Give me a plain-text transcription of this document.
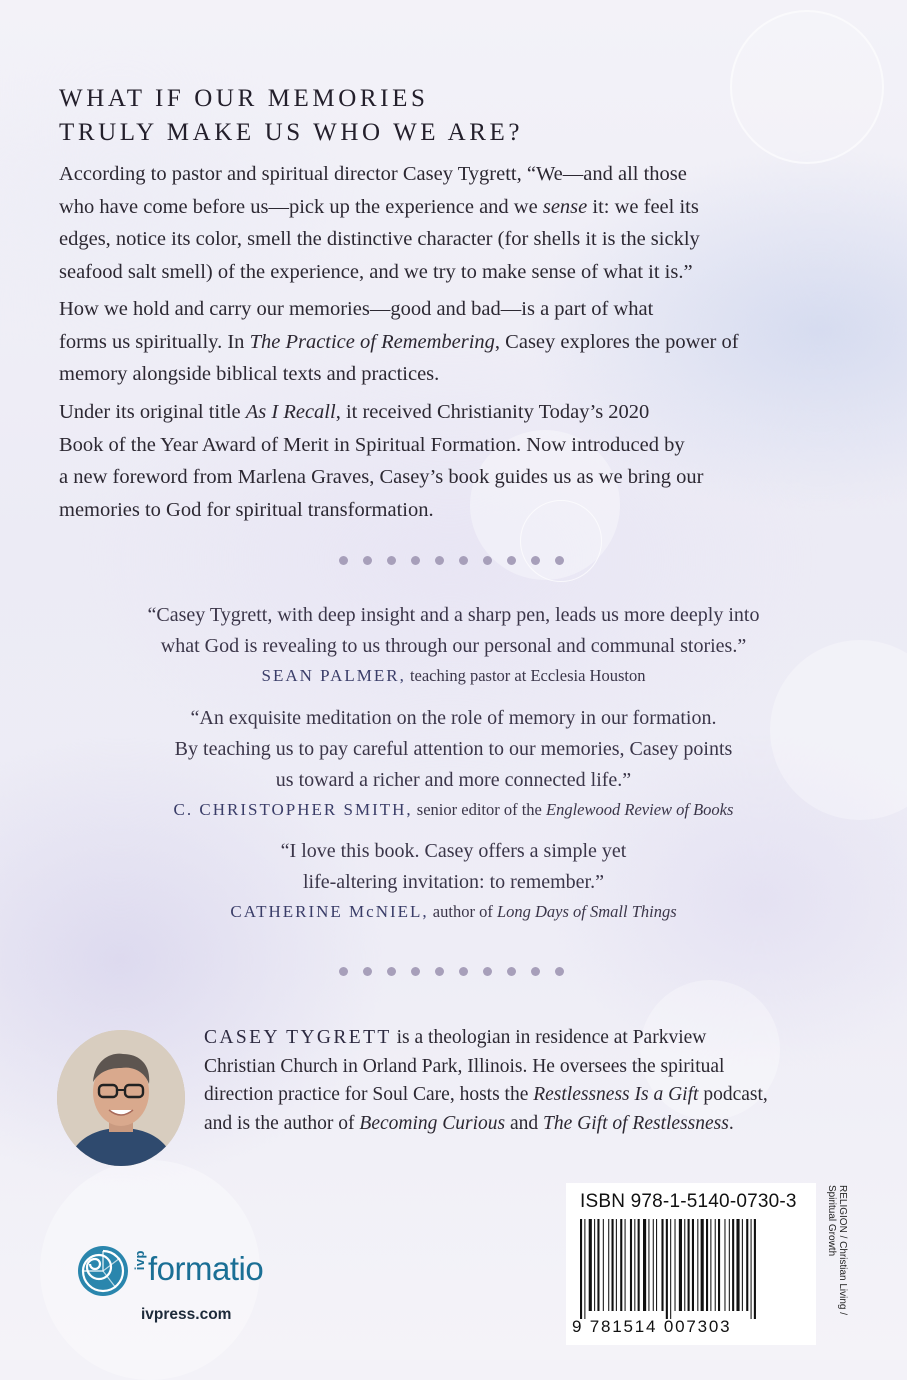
WHAT IF OUR MEMORIES
TRULY MAKE US WHO WE ARE?

According to pastor and spiritual director Casey Tygrett, “We—and all those
who have come before us—pick up the experience and we sense it: we feel its
edges, notice its color, smell the distinctive character (for shells it is the sickly
seafood salt smell) of the experience, and we try to make sense of what it is.”

How we hold and carry our memories—good and bad—is a part of what
forms us spiritually. In The Practice of Remembering, Casey explores the power of
memory alongside biblical texts and practices.

Under its original title As I Recall, it received Christianity Today’s 2020
Book of the Year Award of Merit in Spiritual Formation. Now introduced by
a new foreword from Marlena Graves, Casey’s book guides us as we bring our
memories to God for spiritual transformation.

“Casey Tygrett, with deep insight and a sharp pen, leads us more deeply into
what God is revealing to us through our personal and communal stories.”
SEAN PALMER, teaching pastor at Ecclesia Houston
“An exquisite meditation on the role of memory in our formation.
By teaching us to pay careful attention to our memories, Casey points
us toward a richer and more connected life.”
C. CHRISTOPHER SMITH, senior editor of the Englewood Review of Books
“I love this book. Casey offers a simple yet
life-altering invitation: to remember.”
CATHERINE McNIEL, author of Long Days of Small Things

CASEY TYGRETT is a theologian in residence at Parkview
Christian Church in Orland Park, Illinois. He oversees the spiritual
direction practice for Soul Care, hosts the Restlessness Is a Gift podcast,
and is the author of Becoming Curious and The Gift of Restlessness.

ISBN 978-1-5140-0730-3
9 781514 007303
RELIGION / Christian Living /
Spiritual Growth
ivp formatio
ivpress.com
